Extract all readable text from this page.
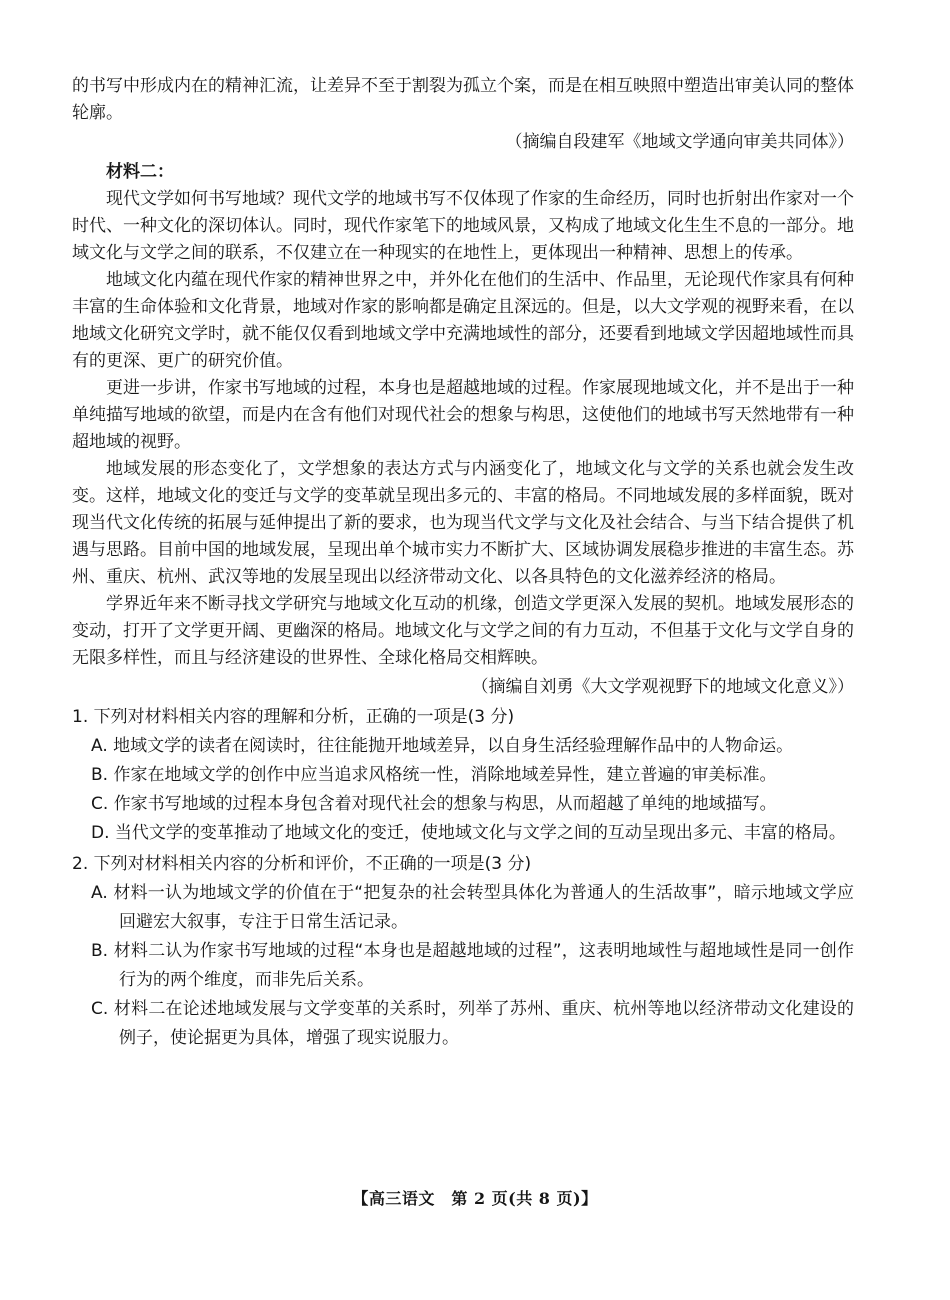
的书写中形成内在的精神汇流，让差异不至于割裂为孤立个案，而是在相互映照中塑造出审美认同的整体轮廓。

（摘编自段建军《地域文学通向审美共同体》）

材料二：

现代文学如何书写地域？现代文学的地域书写不仅体现了作家的生命经历，同时也折射出作家对一个时代、一种文化的深切体认。同时，现代作家笔下的地域风景，又构成了地域文化生生不息的一部分。地域文化与文学之间的联系，不仅建立在一种现实的在地性上，更体现出一种精神、思想上的传承。

地域文化内蕴在现代作家的精神世界之中，并外化在他们的生活中、作品里，无论现代作家具有何种丰富的生命体验和文化背景，地域对作家的影响都是确定且深远的。但是，以大文学观的视野来看，在以地域文化研究文学时，就不能仅仅看到地域文学中充满地域性的部分，还要看到地域文学因超地域性而具有的更深、更广的研究价值。

更进一步讲，作家书写地域的过程，本身也是超越地域的过程。作家展现地域文化，并不是出于一种单纯描写地域的欲望，而是内在含有他们对现代社会的想象与构思，这使他们的地域书写天然地带有一种超地域的视野。

地域发展的形态变化了，文学想象的表达方式与内涵变化了，地域文化与文学的关系也就会发生改变。这样，地域文化的变迁与文学的变革就呈现出多元的、丰富的格局。不同地域发展的多样面貌，既对现当代文化传统的拓展与延伸提出了新的要求，也为现当代文学与文化及社会结合、与当下结合提供了机遇与思路。目前中国的地域发展，呈现出单个城市实力不断扩大、区域协调发展稳步推进的丰富生态。苏州、重庆、杭州、武汉等地的发展呈现出以经济带动文化、以各具特色的文化滋养经济的格局。

学界近年来不断寻找文学研究与地域文化互动的机缘，创造文学更深入发展的契机。地域发展形态的变动，打开了文学更开阔、更幽深的格局。地域文化与文学之间的有力互动，不但基于文化与文学自身的无限多样性，而且与经济建设的世界性、全球化格局交相辉映。

（摘编自刘勇《大文学观视野下的地域文化意义》）

1. 下列对材料相关内容的理解和分析，正确的一项是(3 分)

A. 地域文学的读者在阅读时，往往能抛开地域差异，以自身生活经验理解作品中的人物命运。

B. 作家在地域文学的创作中应当追求风格统一性，消除地域差异性，建立普遍的审美标准。

C. 作家书写地域的过程本身包含着对现代社会的想象与构思，从而超越了单纯的地域描写。

D. 当代文学的变革推动了地域文化的变迁，使地域文化与文学之间的互动呈现出多元、丰富的格局。

2. 下列对材料相关内容的分析和评价，不正确的一项是(3 分)

A. 材料一认为地域文学的价值在于“把复杂的社会转型具体化为普通人的生活故事”，暗示地域文学应回避宏大叙事，专注于日常生活记录。

B. 材料二认为作家书写地域的过程“本身也是超越地域的过程”，这表明地域性与超地域性是同一创作行为的两个维度，而非先后关系。

C. 材料二在论述地域发展与文学变革的关系时，列举了苏州、重庆、杭州等地以经济带动文化建设的例子，使论据更为具体，增强了现实说服力。

【高三语文　第 2 页(共 8 页)】
